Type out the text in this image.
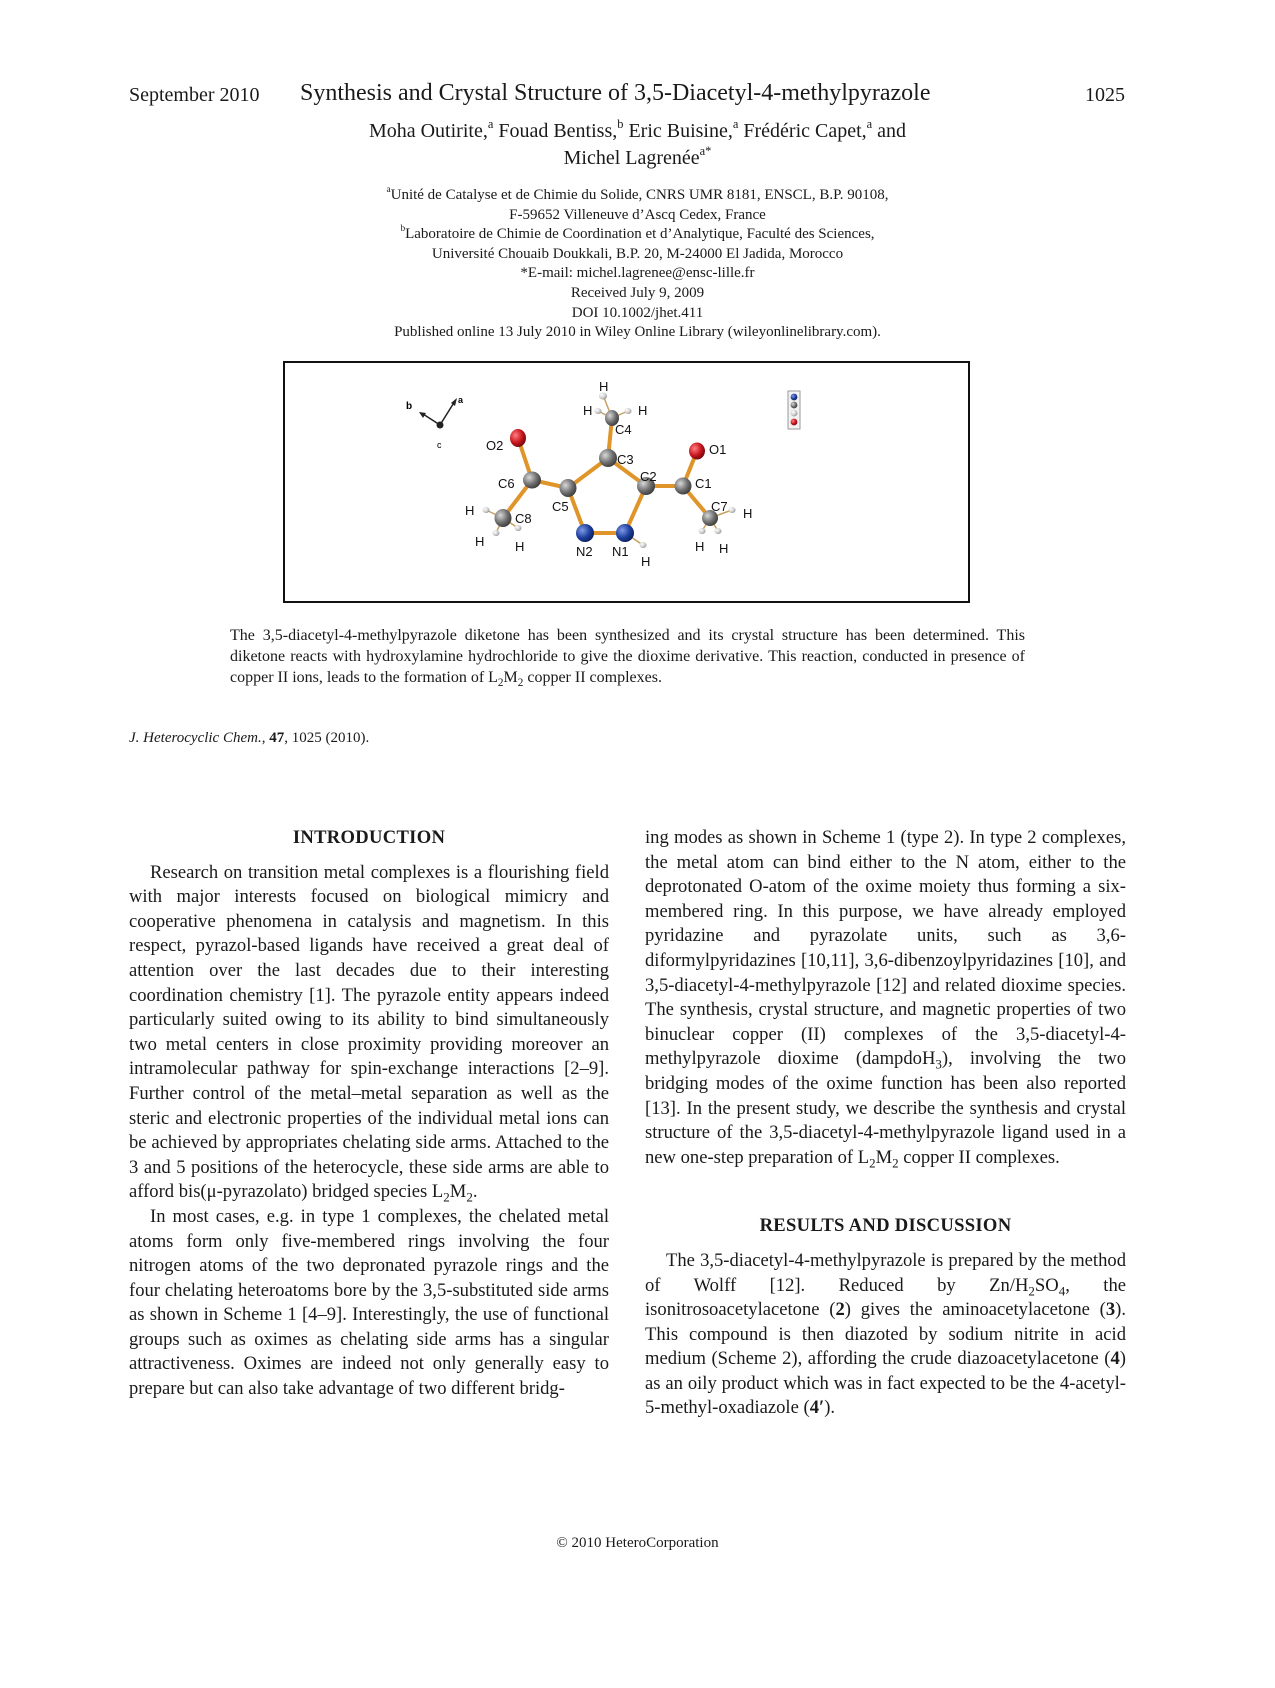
September 2010 Synthesis and Crystal Structure of 3,5-Diacetyl-4-methylpyrazole	1025
Moha Outirite,$^a$ Fouad Bentiss,$^b$ Eric Buisine,$^a$ Frédéric Capet,$^a$ and
Michel Lagrenée$^{a*}$
$^a$Unité de Catalyse et de Chimie du Solide, CNRS UMR 8181, ENSCL, B.P. 90108,
F-59652 Villeneuve d’Ascq Cedex, France
$^b$Laboratoire de Chimie de Coordination et d’Analytique, Faculté des Sciences,
Université Chouaib Doukkali, B.P. 20, M-24000 El Jadida, Morocco
*E-mail: michel.lagrenee@ensc-lille.fr
Received July 9, 2009
DOI 10.1002/jhet.411
Published online 13 July 2010 in Wiley Online Library (wileyonlinelibrary.com).
b
a
c
H
H	H
C4
O2
C3
O1
C6	C2	C1
C5	C7 H
H
C8
N2 N1
H
H H	H H
The 3,5-diacetyl-4-methylpyrazole diketone has been synthesized and its crystal structure has been determined. This diketone reacts with hydroxylamine hydrochloride to give the dioxime derivative. This reaction, conducted in presence of copper II ions, leads to the formation of $L_2M_2$ copper II complexes.
J. Heterocyclic Chem., 47, 1025 (2010).
INTRODUCTION

Research on transition metal complexes is a flourishing field with major interests focused on biological mimicry and cooperative phenomena in catalysis and magnetism. In this respect, pyrazol-based ligands have received a great deal of attention over the last decades due to their interesting coordination chemistry [1]. The pyrazole entity appears indeed particularly suited owing to its ability to bind simultaneously two metal centers in close proximity providing moreover an intramolecular pathway for spin-exchange interactions [2–9]. Further control of the metal–metal separation as well as the steric and electronic properties of the individual metal ions can be achieved by appropriates chelating side arms. Attached to the 3 and 5 positions of the heterocycle, these side arms are able to afford bis(μ-pyrazolato) bridged species $L_2M_2$.

In most cases, e.g. in type 1 complexes, the chelated metal atoms form only five-membered rings involving the four nitrogen atoms of the two depronated pyrazole rings and the four chelating heteroatoms bore by the 3,5-substituted side arms as shown in Scheme 1 [4–9]. Interestingly, the use of functional groups such as oximes as chelating side arms has a singular attractiveness. Oximes are indeed not only generally easy to prepare but can also take advantage of two different bridg-

ing modes as shown in Scheme 1 (type 2). In type 2 complexes, the metal atom can bind either to the N atom, either to the deprotonated O-atom of the oxime moiety thus forming a six-membered ring. In this purpose, we have already employed pyridazine and pyrazolate units, such as 3,6-diformylpyridazines [10,11], 3,6-dibenzoylpyridazines [10], and 3,5-diacetyl-4-methylpyrazole [12] and related dioxime species. The synthesis, crystal structure, and magnetic properties of two binuclear copper (II) complexes of the 3,5-diacetyl-4-methylpyrazole dioxime (dampdoH$_3$), involving the two bridging modes of the oxime function has been also reported [13]. In the present study, we describe the synthesis and crystal structure of the 3,5-diacetyl-4-methylpyrazole ligand used in a new one-step preparation of $L_2M_2$ copper II complexes.

RESULTS AND DISCUSSION

The 3,5-diacetyl-4-methylpyrazole is prepared by the method of Wolff [12]. Reduced by $Zn/H_2SO_4$, the isonitrosoacetylacetone (2) gives the aminoacetylacetone (3). This compound is then diazoted by sodium nitrite in acid medium (Scheme 2), affording the crude diazoacetylacetone (4) as an oily product which was in fact expected to be the 4-acetyl-5-methyl-oxadiazole (4′).

© 2010 HeteroCorporation
